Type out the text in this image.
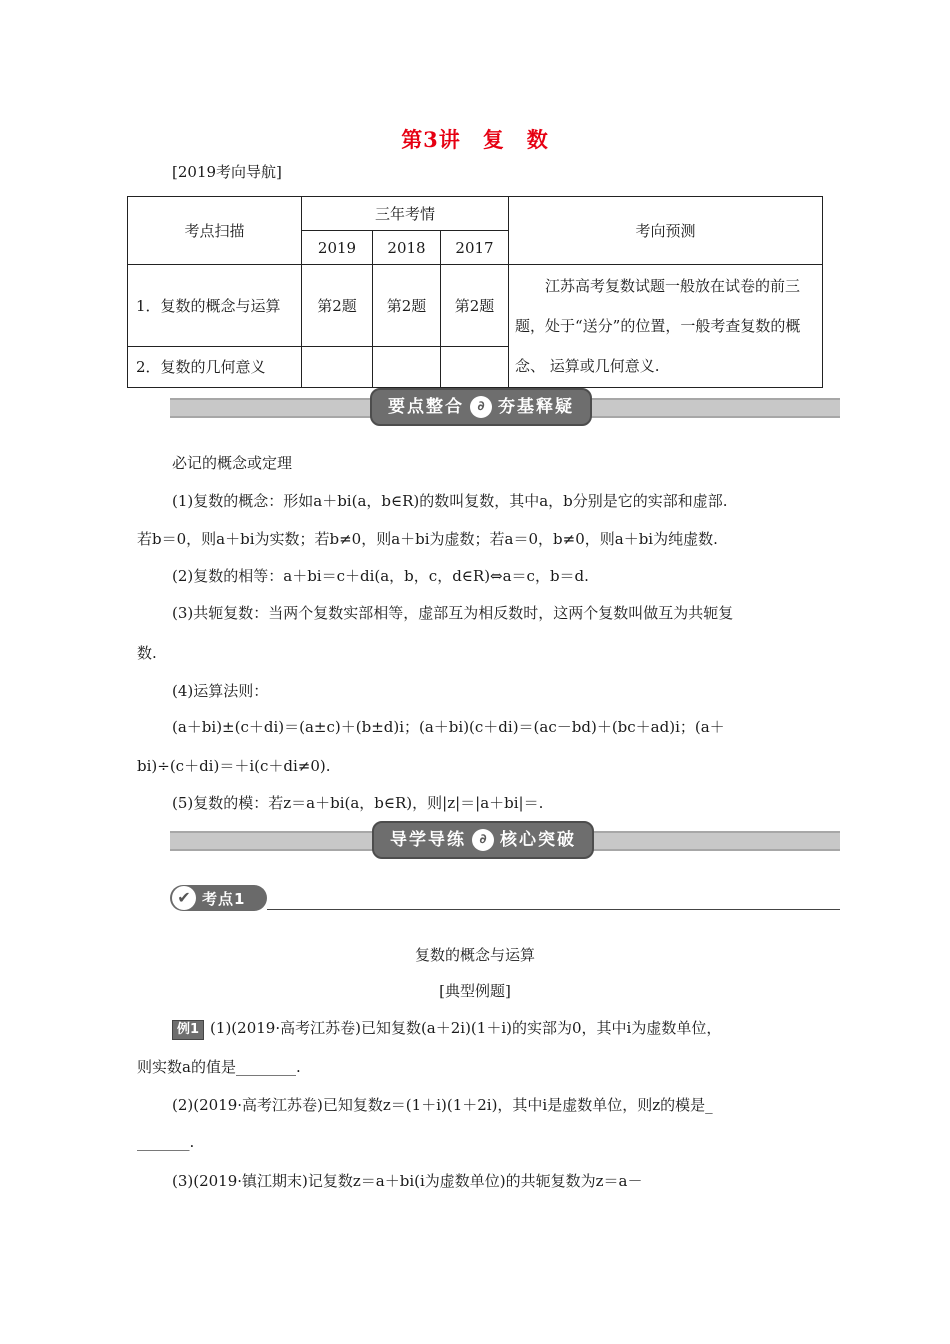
第3讲　复　数
[2019考向导航]
考点扫描	三年考情			考向预测
	2019	2018	2017	
1．复数的概念与运算	第2题	第2题	第2题	　　江苏高考复数试题一般放在试卷的前三题，处于“送分”的位置，一般考查复数的概念、 运算或几何意义.
2．复数的几何意义				
要点整合 ∂ 夯基释疑
必记的概念或定理
(1)复数的概念：形如a＋bi(a，b∈R)的数叫复数，其中a，b分别是它的实部和虚部.
若b＝0，则a＋bi为实数；若b≠0，则a＋bi为虚数；若a＝0，b≠0，则a＋bi为纯虚数.
(2)复数的相等：a＋bi＝c＋di(a，b，c，d∈R)⇔a＝c，b＝d.
(3)共轭复数：当两个复数实部相等，虚部互为相反数时，这两个复数叫做互为共轭复
数.
(4)运算法则：
(a＋bi)±(c＋di)＝(a±c)＋(b±d)i；(a＋bi)(c＋di)＝(ac－bd)＋(bc＋ad)i；(a＋
bi)÷(c＋di)＝＋i(c＋di≠0).
(5)复数的模：若z＝a＋bi(a，b∈R)，则|z|＝|a＋bi|＝.
导学导练 ∂ 核心突破
✔ 考点1
复数的概念与运算
[典型例题]
例1 (1)(2019·高考江苏卷)已知复数(a＋2i)(1＋i)的实部为0，其中i为虚数单位，
则实数a的值是________.
(2)(2019·高考江苏卷)已知复数z＝(1＋i)(1＋2i)，其中i是虚数单位，则z的模是_
_______.
(3)(2019·镇江期末)记复数z＝a＋bi(i为虚数单位)的共轭复数为z＝a－
